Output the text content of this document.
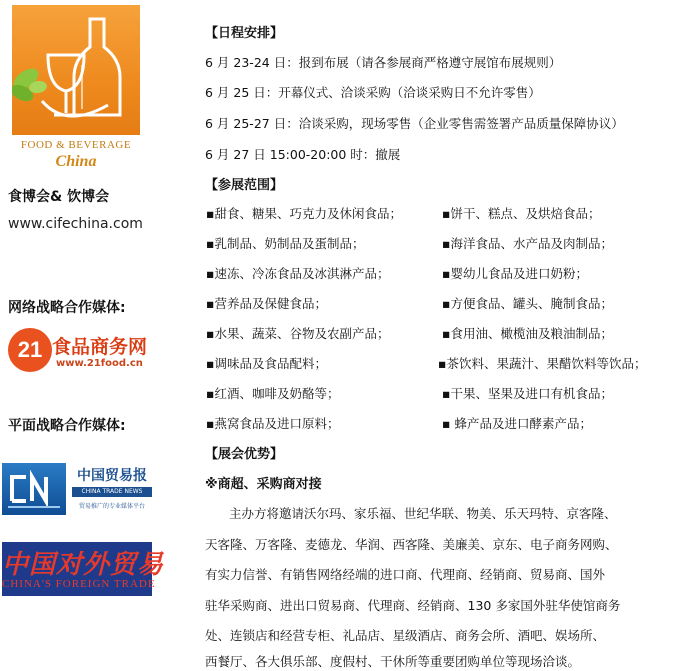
FOOD & BEVERAGE
China
食博会& 饮博会
www.cifechina.com
网络战略合作媒体:
21 食品商务网
www.21food.cn
平面战略合作媒体:
中国贸易报
CHINA TRADE NEWS
贸易推广的专业媒体平台
中国对外贸易
CHINA'S FOREIGN TRADE
【日程安排】
6 月 23-24 日：报到布展（请各参展商严格遵守展馆布展规则）
6 月 25 日：开幕仪式、洽谈采购（洽谈采购日不允许零售）
6 月 25-27 日：洽谈采购，现场零售（企业零售需签署产品质量保障协议）
6 月 27 日 15:00-20:00 时：撤展
【参展范围】
▪甜食、糖果、巧克力及休闲食品；	▪饼干、糕点、及烘焙食品；
▪乳制品、奶制品及蛋制品；	▪海洋食品、水产品及肉制品；
▪速冻、冷冻食品及冰淇淋产品；	▪婴幼儿食品及进口奶粉；
▪营养品及保健食品；	▪方便食品、罐头、腌制食品；
▪水果、蔬菜、谷物及农副产品；	▪食用油、橄榄油及粮油制品；
▪调味品及食品配料；	▪茶饮料、果蔬汁、果醋饮料等饮品；
▪红酒、咖啡及奶酪等；	▪干果、坚果及进口有机食品；
▪燕窝食品及进口原料；	▪ 蜂产品及进口酵素产品；
【展会优势】
※商超、采购商对接
主办方将邀请沃尔玛、家乐福、世纪华联、物美、乐天玛特、京客隆、
天客隆、万客隆、麦德龙、华润、西客隆、美廉美、京东、电子商务网购、
有实力信誉、有销售网络经端的进口商、代理商、经销商、贸易商、国外
驻华采购商、进出口贸易商、代理商、经销商、130 多家国外驻华使馆商务
处、连锁店和经营专柜、礼品店、星级酒店、商务会所、酒吧、娱场所、
西餐厅、各大俱乐部、度假村、干休所等重要团购单位等现场洽谈。
